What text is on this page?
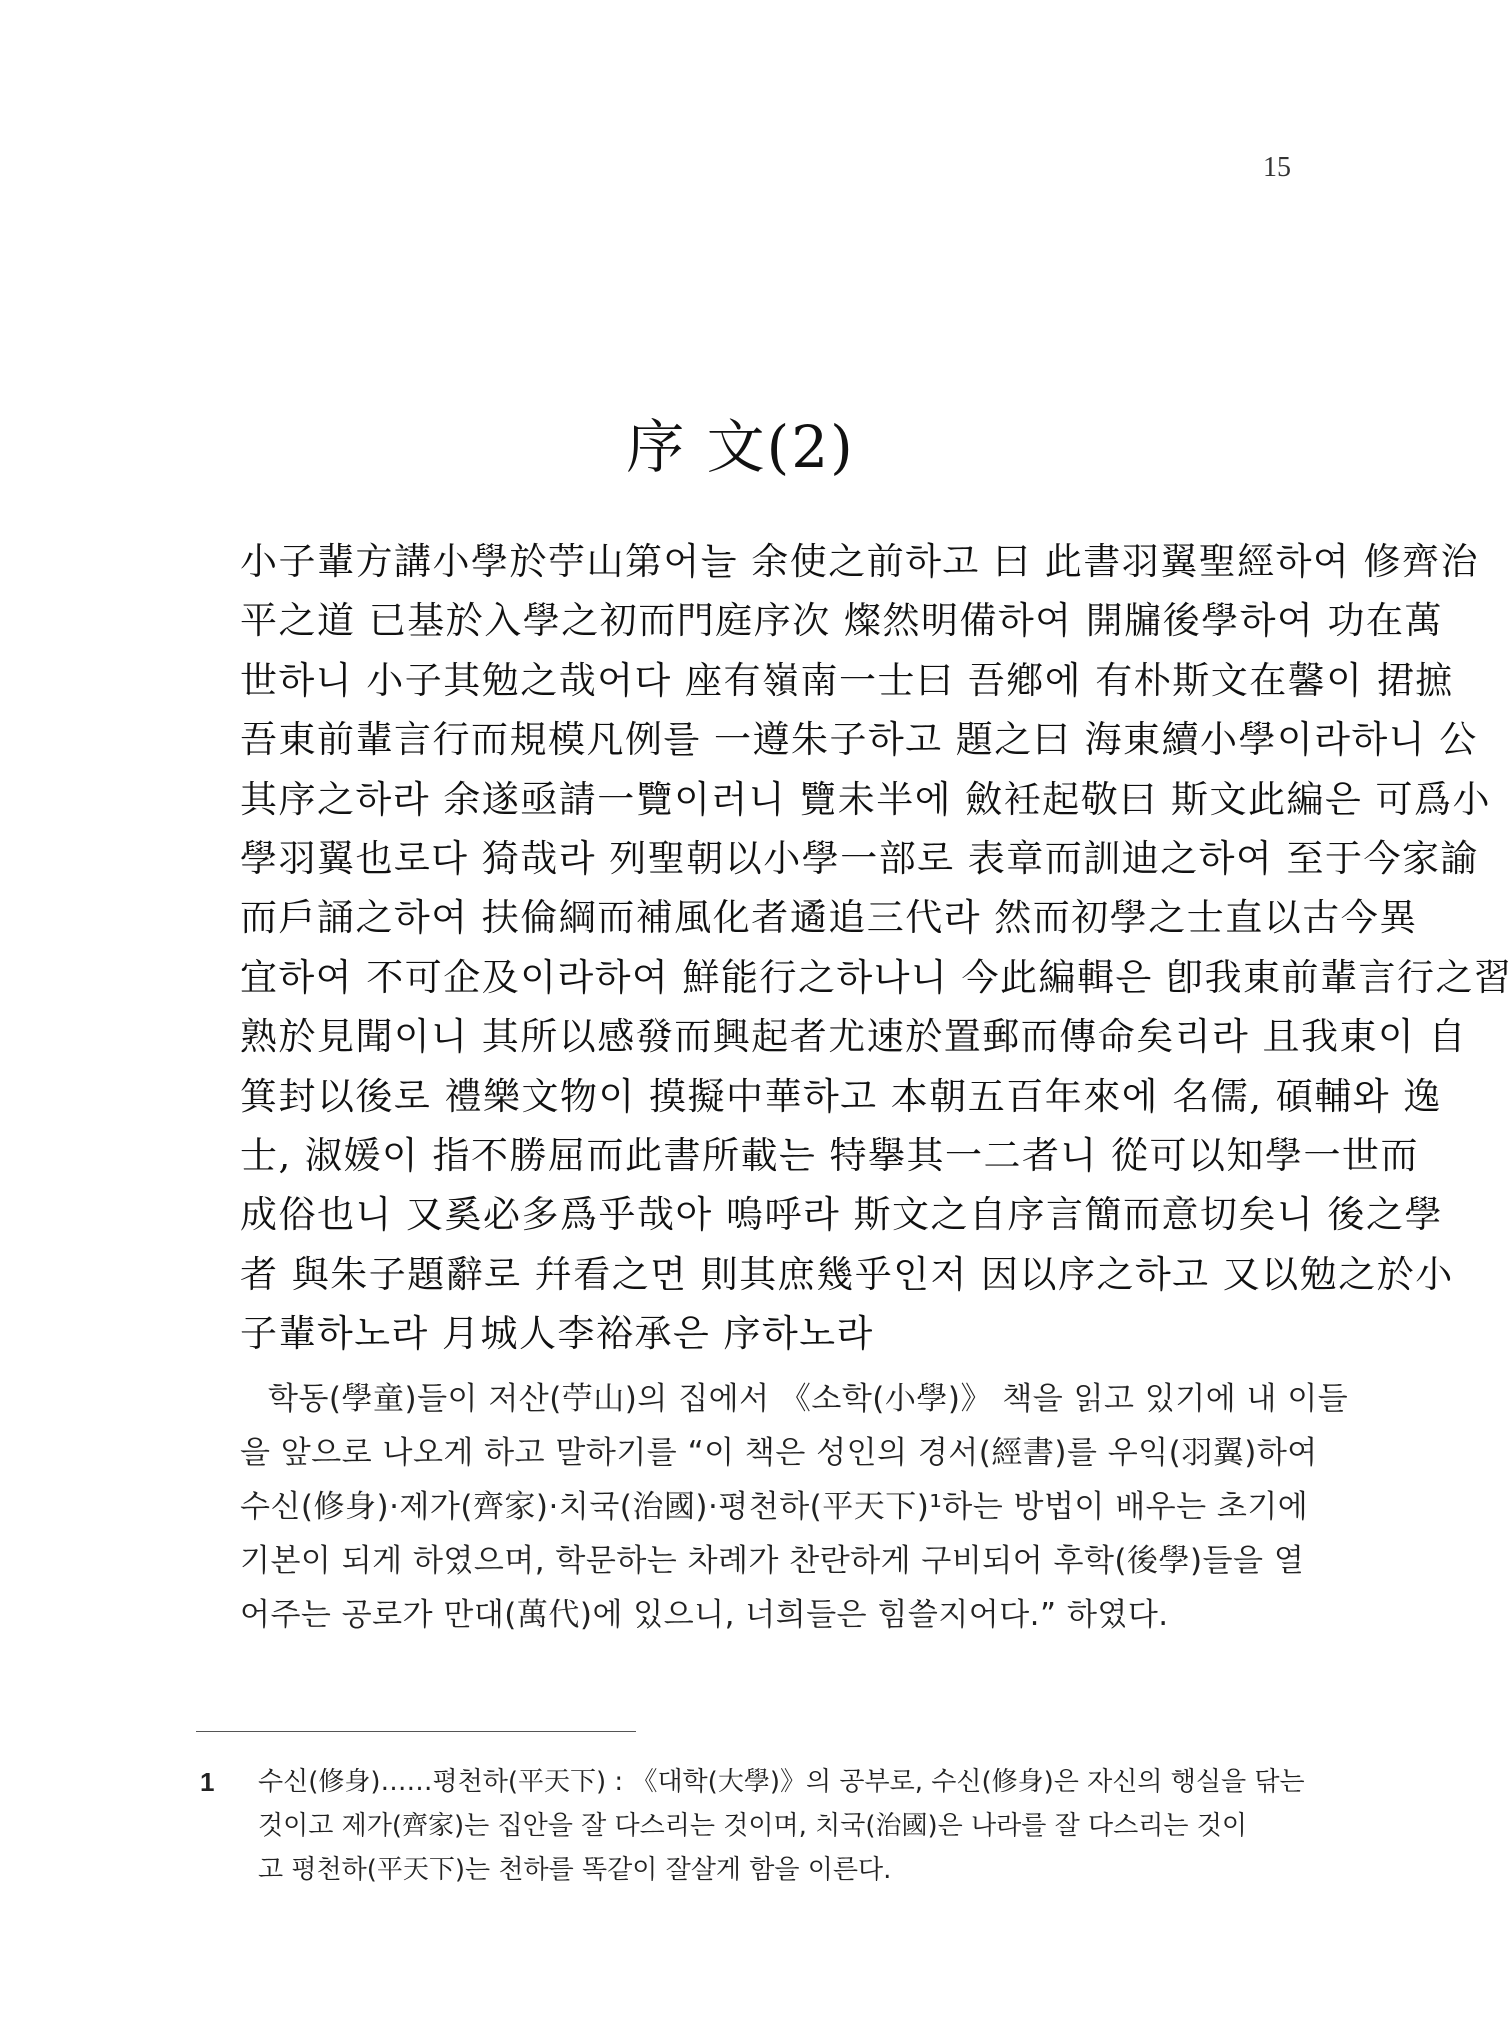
15
序 文(2)
小子輩方講小學於苧山第어늘 余使之前하고 曰 此書羽翼聖經하여 修齊治
平之道 已基於入學之初而門庭序次 燦然明備하여 開牖後學하여 功在萬
世하니 小子其勉之哉어다 座有嶺南一士曰 吾鄕에 有朴斯文在馨이 捃摭
吾東前輩言行而規模凡例를 一遵朱子하고 題之曰 海東續小學이라하니 公
其序之하라 余遂亟請一覽이러니 覽未半에 斂衽起敬曰 斯文此編은 可爲小
學羽翼也로다 猗哉라 列聖朝以小學一部로 表章而訓迪之하여 至于今家諭
而戶誦之하여 扶倫綱而補風化者遹追三代라 然而初學之士直以古今異
宜하여 不可企及이라하여 鮮能行之하나니 今此編輯은 卽我東前輩言行之習
熟於見聞이니 其所以感發而興起者尤速於置郵而傳命矣리라 且我東이 自
箕封以後로 禮樂文物이 摸擬中華하고 本朝五百年來에 名儒, 碩輔와 逸
士, 淑媛이 指不勝屈而此書所載는 特擧其一二者니 從可以知學一世而
成俗也니 又奚必多爲乎哉아 嗚呼라 斯文之自序言簡而意切矣니 後之學
者 與朱子題辭로 幷看之면 則其庶幾乎인저 因以序之하고 又以勉之於小
子輩하노라 月城人李裕承은 序하노라
학동(學童)들이 저산(苧山)의 집에서 《소학(小學)》 책을 읽고 있기에 내 이들
을 앞으로 나오게 하고 말하기를 “이 책은 성인의 경서(經書)를 우익(羽翼)하여
수신(修身)·제가(齊家)·치국(治國)·평천하(平天下)¹하는 방법이 배우는 초기에
기본이 되게 하였으며, 학문하는 차례가 찬란하게 구비되어 후학(後學)들을 열
어주는 공로가 만대(萬代)에 있으니, 너희들은 힘쓸지어다.” 하였다.
1 수신(修身)……평천하(平天下) : 《대학(大學)》의 공부로, 수신(修身)은 자신의 행실을 닦는
것이고 제가(齊家)는 집안을 잘 다스리는 것이며, 치국(治國)은 나라를 잘 다스리는 것이
고 평천하(平天下)는 천하를 똑같이 잘살게 함을 이른다.
